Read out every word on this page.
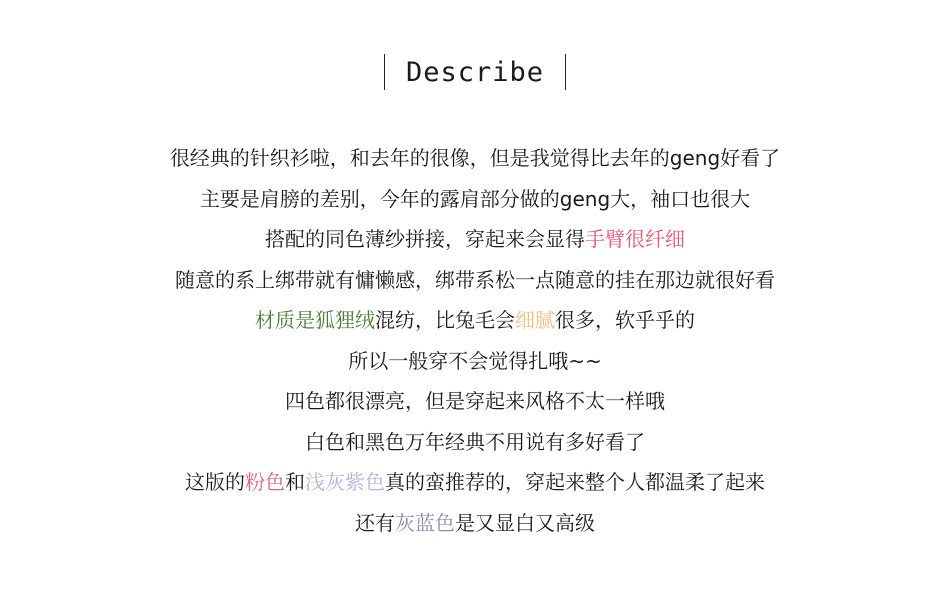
Describe
很经典的针织衫啦，和去年的很像，但是我觉得比去年的geng好看了
主要是肩膀的差别，今年的露肩部分做的geng大，袖口也很大
搭配的同色薄纱拼接，穿起来会显得手臂很纤细
随意的系上绑带就有慵懒感，绑带系松一点随意的挂在那边就很好看
材质是狐狸绒混纺，比兔毛会细腻很多，软乎乎的
所以一般穿不会觉得扎哦~~
四色都很漂亮，但是穿起来风格不太一样哦
白色和黑色万年经典不用说有多好看了
这版的粉色和浅灰紫色真的蛮推荐的，穿起来整个人都温柔了起来
还有灰蓝色是又显白又高级
